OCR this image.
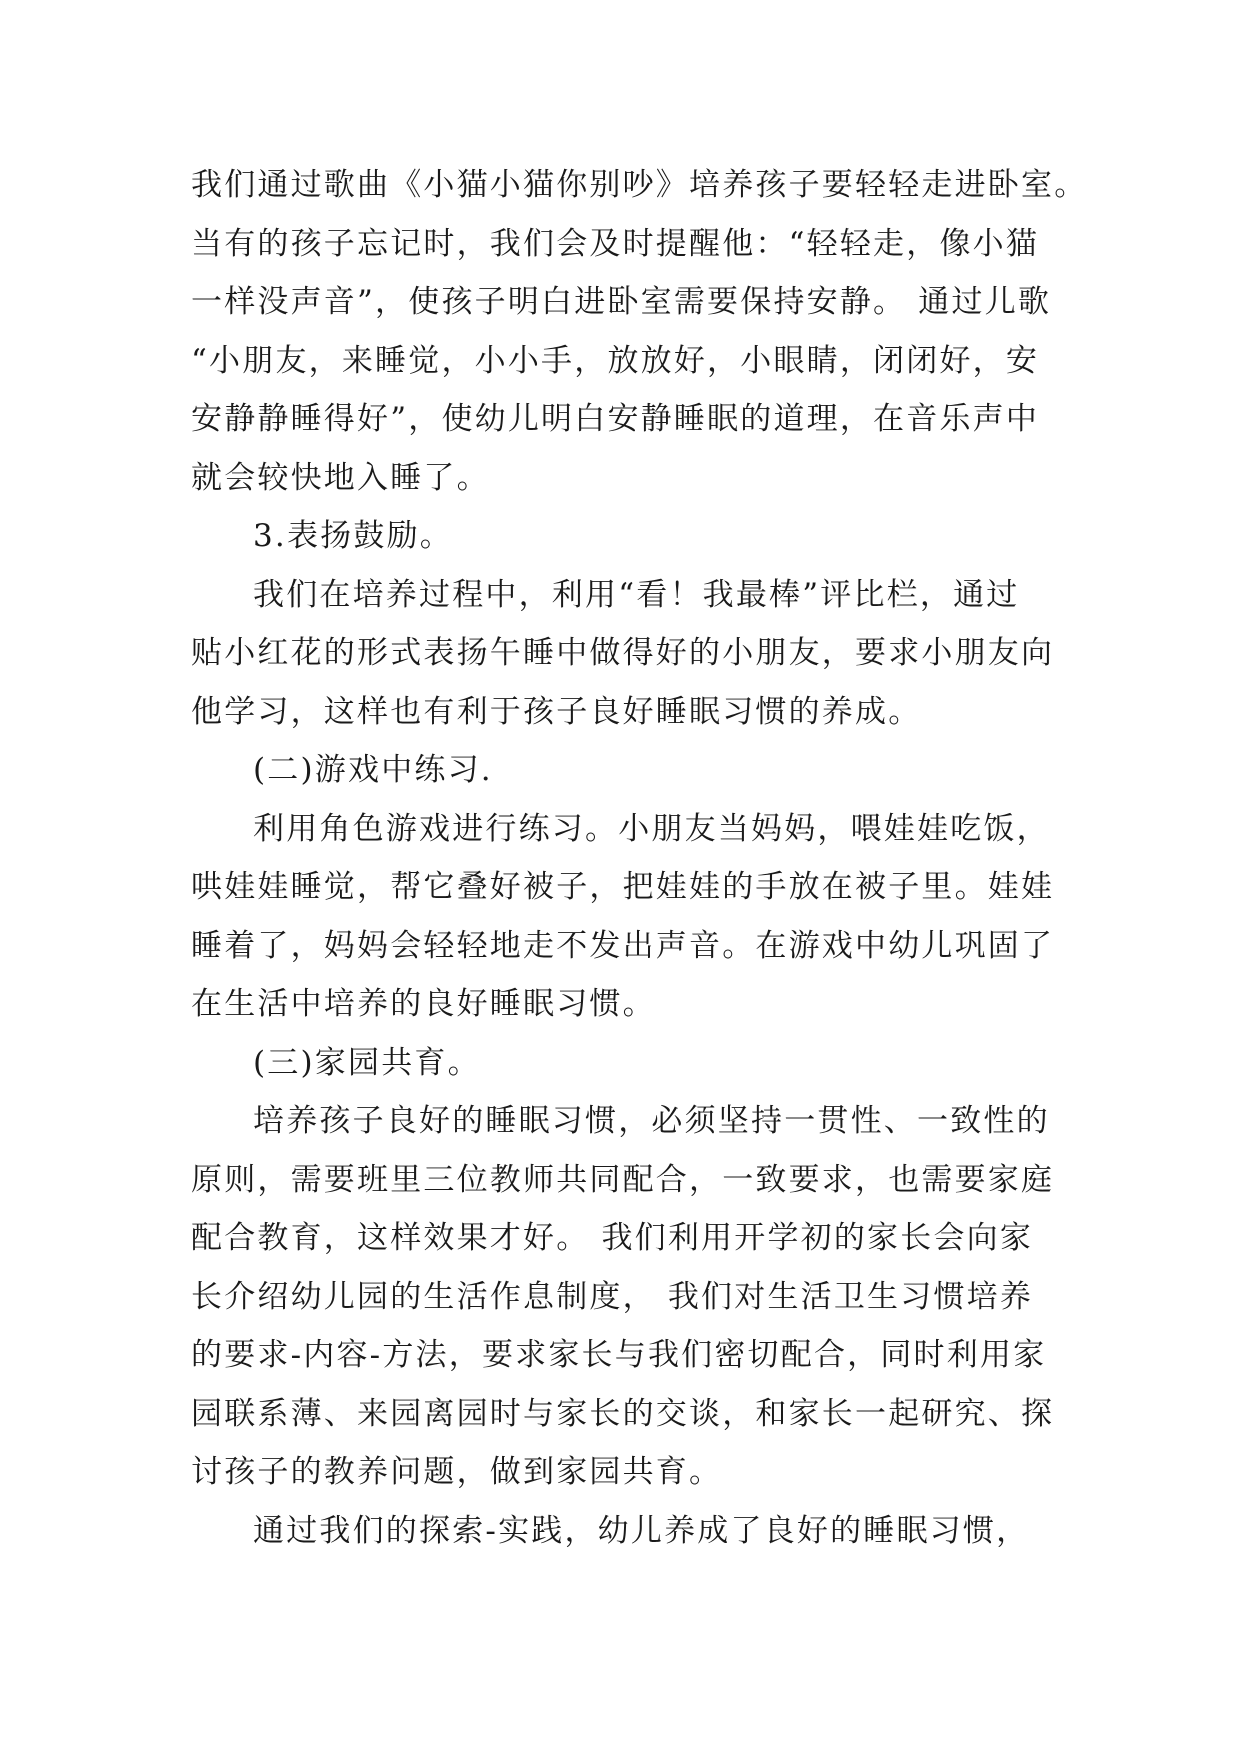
我们通过歌曲《小猫小猫你别吵》培养孩子要轻轻走进卧室。
当有的孩子忘记时，我们会及时提醒他：“轻轻走，像小猫
一样没声音”，使孩子明白进卧室需要保持安静。 通过儿歌
“小朋友，来睡觉，小小手，放放好，小眼睛，闭闭好，安
安静静睡得好”，使幼儿明白安静睡眠的道理，在音乐声中
就会较快地入睡了。
3.表扬鼓励。
我们在培养过程中，利用“看！我最棒”评比栏，通过
贴小红花的形式表扬午睡中做得好的小朋友，要求小朋友向
他学习，这样也有利于孩子良好睡眠习惯的养成。
(二)游戏中练习.
利用角色游戏进行练习。小朋友当妈妈，喂娃娃吃饭，
哄娃娃睡觉，帮它叠好被子，把娃娃的手放在被子里。娃娃
睡着了，妈妈会轻轻地走不发出声音。在游戏中幼儿巩固了
在生活中培养的良好睡眠习惯。
(三)家园共育。
培养孩子良好的睡眠习惯，必须坚持一贯性、一致性的
原则，需要班里三位教师共同配合，一致要求，也需要家庭
配合教育，这样效果才好。 我们利用开学初的家长会向家
长介绍幼儿园的生活作息制度， 我们对生活卫生习惯培养
的要求-内容-方法，要求家长与我们密切配合，同时利用家
园联系薄、来园离园时与家长的交谈，和家长一起研究、探
讨孩子的教养问题，做到家园共育。
通过我们的探索-实践，幼儿养成了良好的睡眠习惯，
